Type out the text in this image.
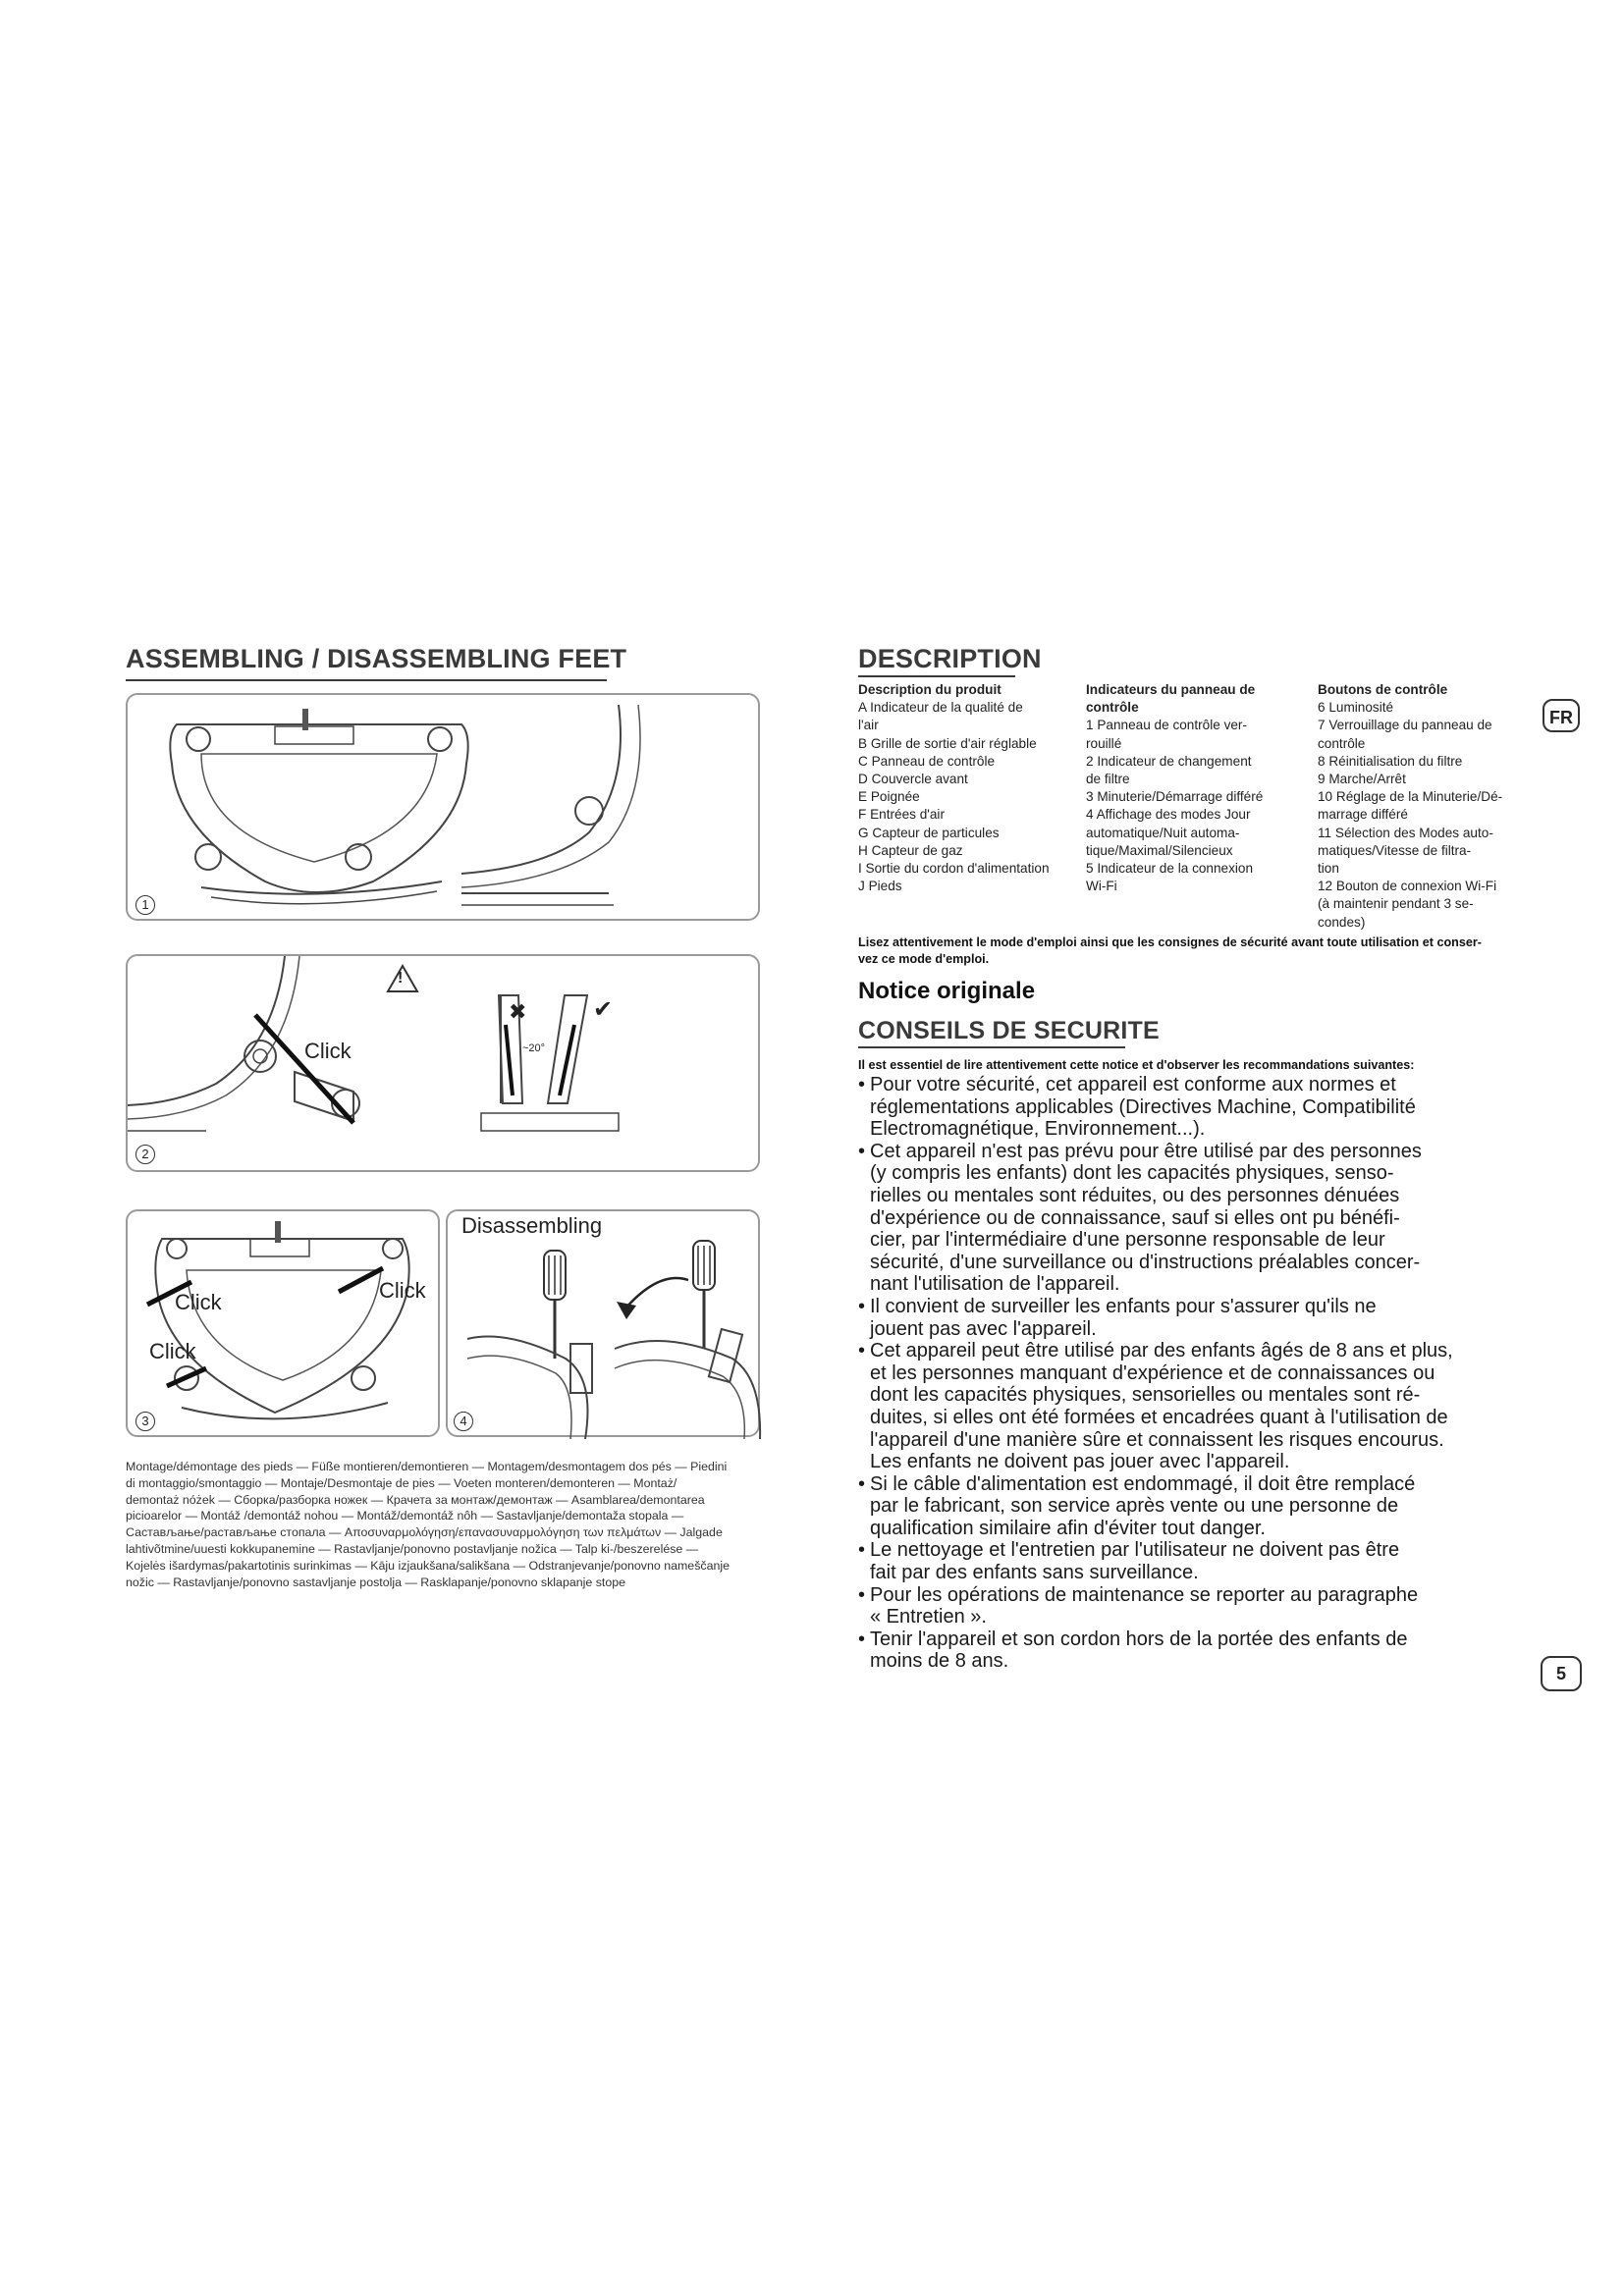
ASSEMBLING / DISASSEMBLING FEET
1
Click
!
✖	✔
~20°
2
Click	Click
Click
3
Disassembling
4

Montage/démontage des pieds — Füße montieren/demontieren — Montagem/desmontagem dos pés — Piedini

di montaggio/smontaggio — Montaje/Desmontaje de pies — Voeten monteren/demonteren — Montaż/

demontaż nóżek — Сборка/разборка ножек — Крачета за монтаж/демонтаж — Asamblarea/demontarea

picioarelor — Montáž /demontáž nohou — Montáž/demontáž nôh — Sastavljanje/demontaža stopala —

Састављање/растављање стопала — Αποσυναρμολόγηση/επανασυναρμολόγηση των πελμάτων — Jalgade

lahtivõtmine/uuesti kokkupanemine — Rastavljanje/ponovno postavljanje nožica — Talp ki-/beszerelése —

Kojelės išardymas/pakartotinis surinkimas — Kāju izjaukšana/salikšana — Odstranjevanje/ponovno nameščanje

nožic — Rastavljanje/ponovno sastavljanje postolja — Rasklapanje/ponovno sklapanje stope

DESCRIPTION
Description du produit
A Indicateur de la qualité de
l'air
B Grille de sortie d'air réglable
C Panneau de contrôle
D Couvercle avant
E Poignée
F Entrées d'air
G Capteur de particules
H Capteur de gaz
I Sortie du cordon d'alimentation
J Pieds
Indicateurs du panneau de
contrôle
1 Panneau de contrôle ver-
rouillé
2 Indicateur de changement
de filtre
3 Minuterie/Démarrage différé
4 Affichage des modes Jour
automatique/Nuit automa-
tique/Maximal/Silencieux
5 Indicateur de la connexion
Wi-Fi
Boutons de contrôle
6 Luminosité
7 Verrouillage du panneau de
contrôle
8 Réinitialisation du filtre
9 Marche/Arrêt
10 Réglage de la Minuterie/Dé-
marrage différé
11 Sélection des Modes auto-
matiques/Vitesse de filtra-
tion
12 Bouton de connexion Wi-Fi
(à maintenir pendant 3 se-
condes)
FR

Lisez attentivement le mode d'emploi ainsi que les consignes de sécurité avant toute utilisation et conser-

vez ce mode d'emploi.

Notice originale
CONSEILS DE SECURITE
Il est essentiel de lire attentivement cette notice et d'observer les recommandations suivantes:
• Pour votre sécurité, cet appareil est conforme aux normes et
réglementations applicables (Directives Machine, Compatibilité
Electromagnétique, Environnement...).
• Cet appareil n'est pas prévu pour être utilisé par des personnes
(y compris les enfants) dont les capacités physiques, senso-
rielles ou mentales sont réduites, ou des personnes dénuées
d'expérience ou de connaissance, sauf si elles ont pu bénéfi-
cier, par l'intermédiaire d'une personne responsable de leur
sécurité, d'une surveillance ou d'instructions préalables concer-
nant l'utilisation de l'appareil.
• Il convient de surveiller les enfants pour s'assurer qu'ils ne
jouent pas avec l'appareil.
• Cet appareil peut être utilisé par des enfants âgés de 8 ans et plus,
et les personnes manquant d'expérience et de connaissances ou
dont les capacités physiques, sensorielles ou mentales sont ré-
duites, si elles ont été formées et encadrées quant à l'utilisation de
l'appareil d'une manière sûre et connaissent les risques encourus.
Les enfants ne doivent pas jouer avec l'appareil.
• Si le câble d'alimentation est endommagé, il doit être remplacé
par le fabricant, son service après vente ou une personne de
qualification similaire afin d'éviter tout danger.
• Le nettoyage et l'entretien par l'utilisateur ne doivent pas être
fait par des enfants sans surveillance.
• Pour les opérations de maintenance se reporter au paragraphe
« Entretien ».
• Tenir l'appareil et son cordon hors de la portée des enfants de
moins de 8 ans.
5
